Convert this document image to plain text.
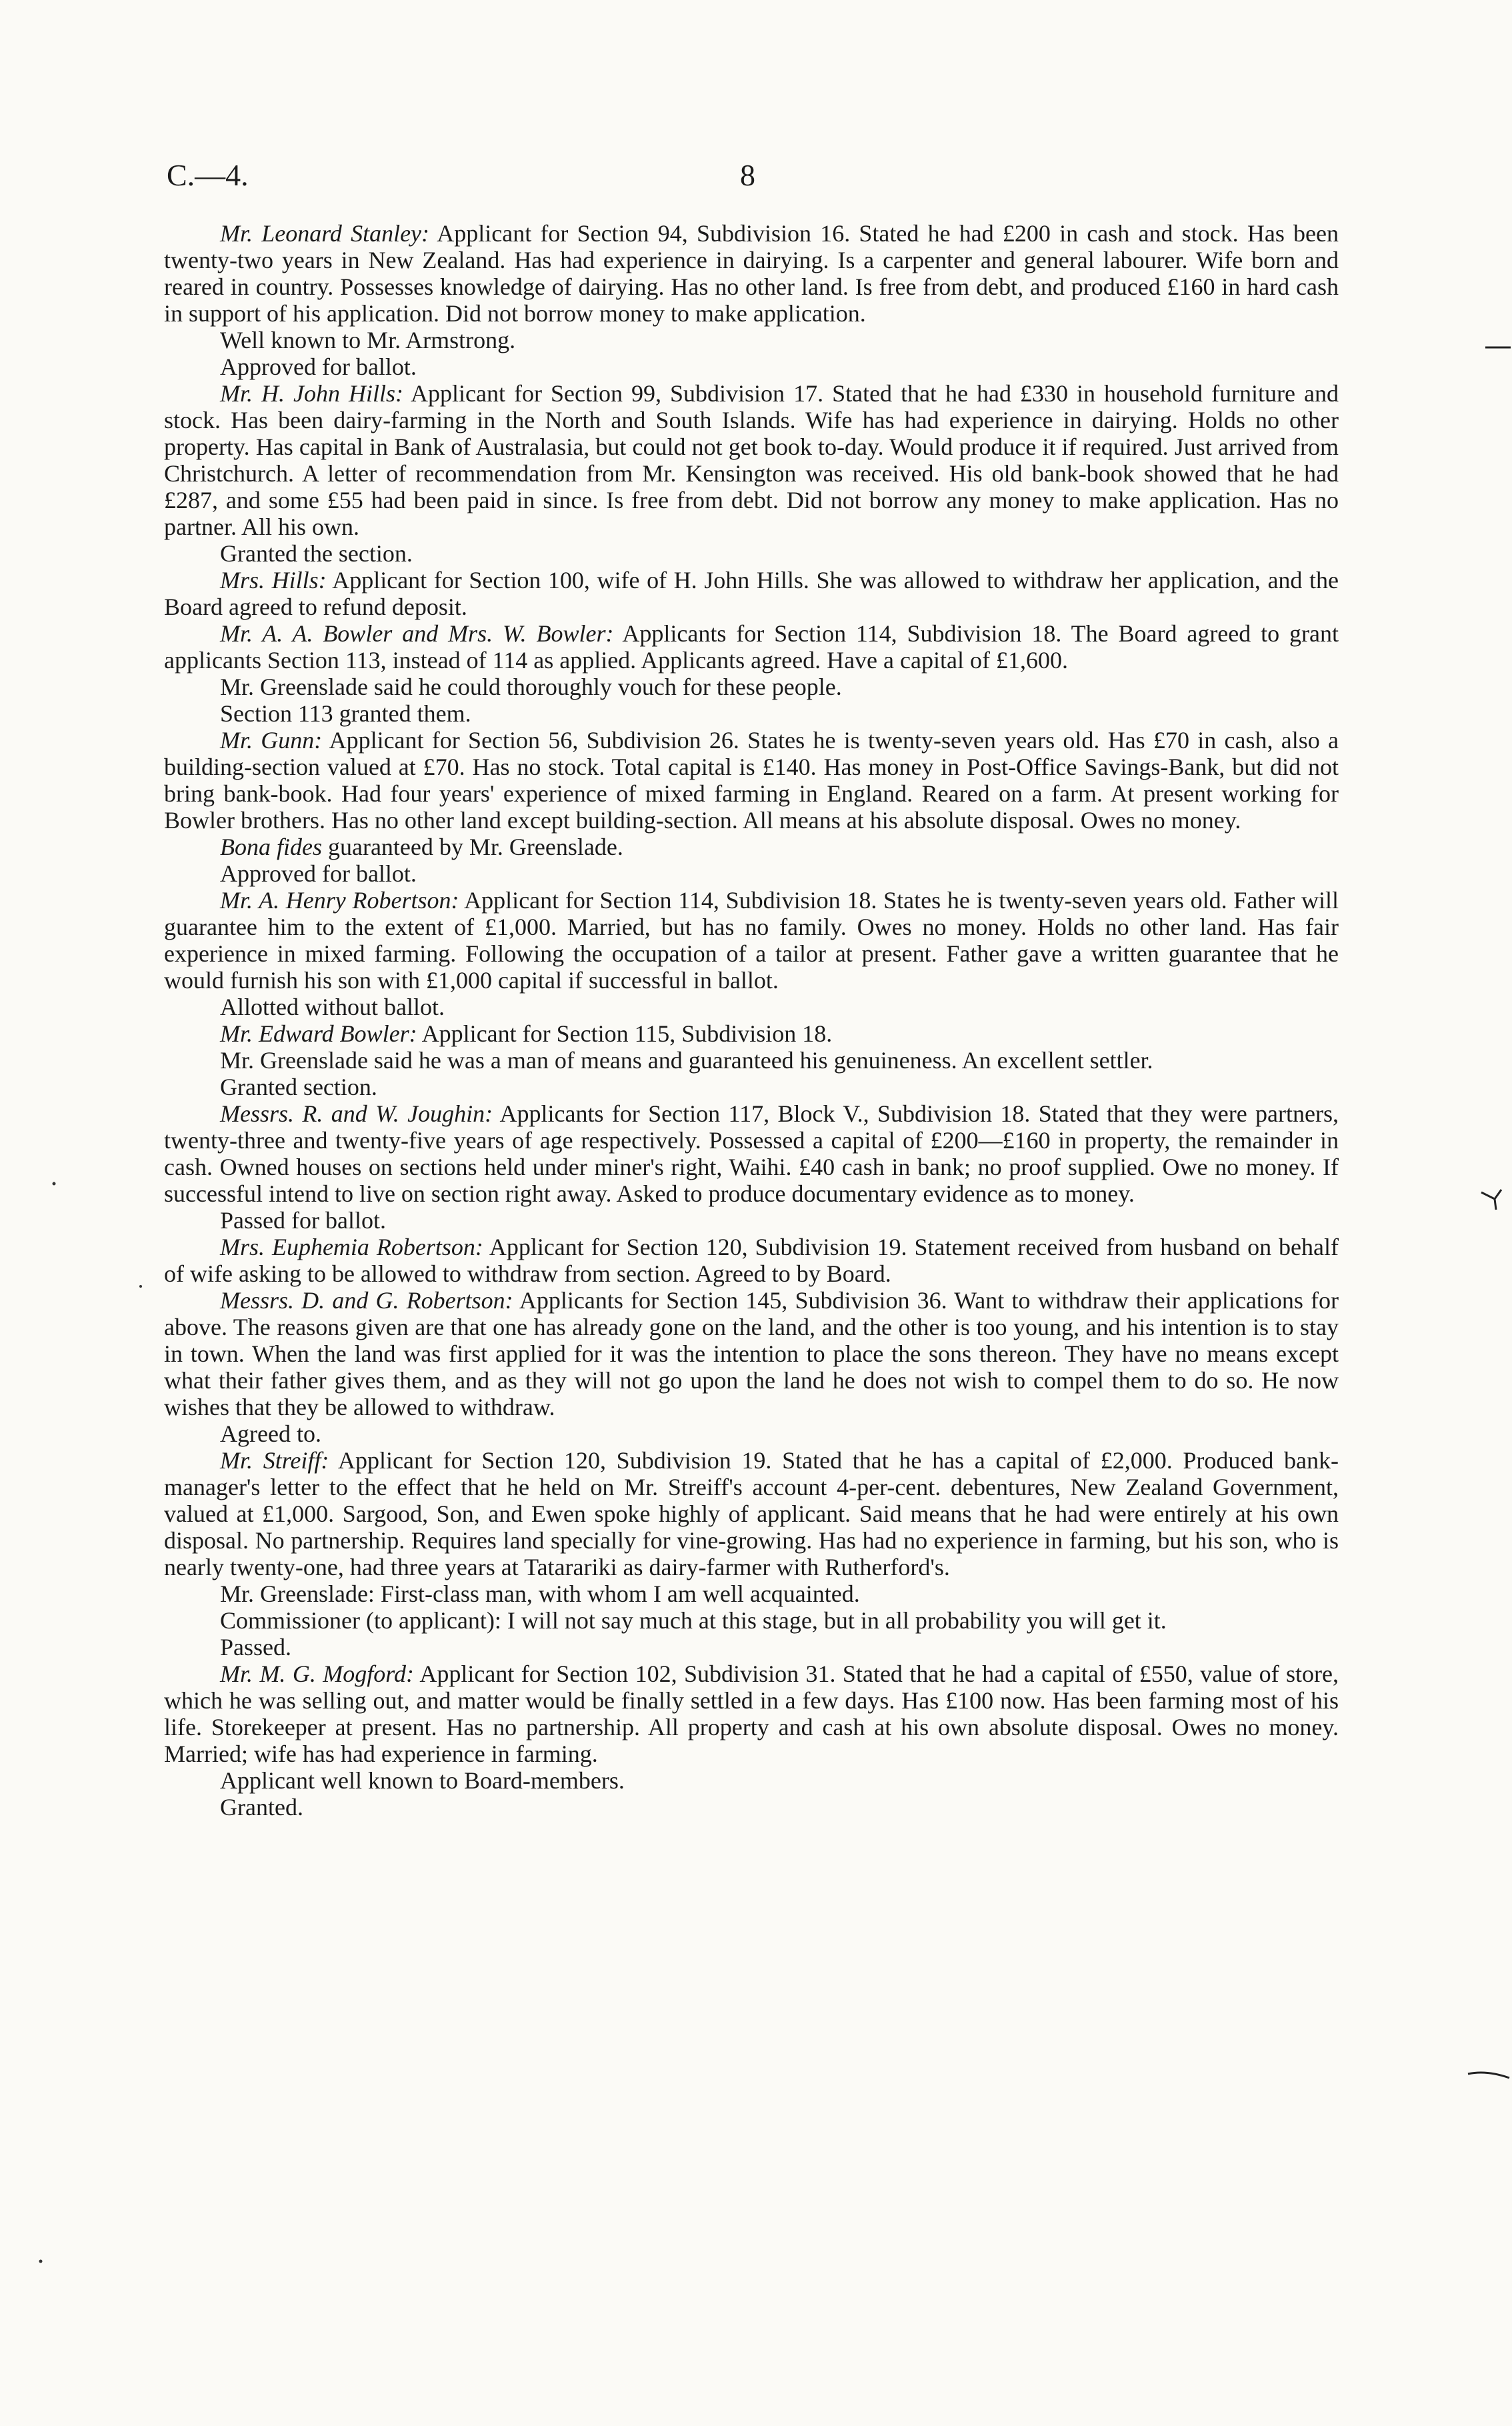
C.—4.	8

Mr. Leonard Stanley: Applicant for Section 94, Subdivision 16. Stated he had £200 in cash and stock. Has been twenty-two years in New Zealand. Has had experience in dairying. Is a carpenter and general labourer. Wife born and reared in country. Possesses knowledge of dairying. Has no other land. Is free from debt, and produced £160 in hard cash in support of his application. Did not borrow money to make application.

Well known to Mr. Armstrong.

Approved for ballot.

Mr. H. John Hills: Applicant for Section 99, Subdivision 17. Stated that he had £330 in household furniture and stock. Has been dairy-farming in the North and South Islands. Wife has had experience in dairying. Holds no other property. Has capital in Bank of Australasia, but could not get book to-day. Would produce it if required. Just arrived from Christchurch. A letter of recommendation from Mr. Kensington was received. His old bank-book showed that he had £287, and some £55 had been paid in since. Is free from debt. Did not borrow any money to make application. Has no partner. All his own.

Granted the section.

Mrs. Hills: Applicant for Section 100, wife of H. John Hills. She was allowed to withdraw her application, and the Board agreed to refund deposit.

Mr. A. A. Bowler and Mrs. W. Bowler: Applicants for Section 114, Subdivision 18. The Board agreed to grant applicants Section 113, instead of 114 as applied. Applicants agreed. Have a capital of £1,600.

Mr. Greenslade said he could thoroughly vouch for these people.

Section 113 granted them.

Mr. Gunn: Applicant for Section 56, Subdivision 26. States he is twenty-seven years old. Has £70 in cash, also a building-section valued at £70. Has no stock. Total capital is £140. Has money in Post-Office Savings-Bank, but did not bring bank-book. Had four years' experience of mixed farming in England. Reared on a farm. At present working for Bowler brothers. Has no other land except building-section. All means at his absolute disposal. Owes no money.

Bona fides guaranteed by Mr. Greenslade.

Approved for ballot.

Mr. A. Henry Robertson: Applicant for Section 114, Subdivision 18. States he is twenty-seven years old. Father will guarantee him to the extent of £1,000. Married, but has no family. Owes no money. Holds no other land. Has fair experience in mixed farming. Following the occupation of a tailor at present. Father gave a written guarantee that he would furnish his son with £1,000 capital if successful in ballot.

Allotted without ballot.

Mr. Edward Bowler: Applicant for Section 115, Subdivision 18.

Mr. Greenslade said he was a man of means and guaranteed his genuineness. An excellent settler.

Granted section.

Messrs. R. and W. Joughin: Applicants for Section 117, Block V., Subdivision 18. Stated that they were partners, twenty-three and twenty-five years of age respectively. Possessed a capital of £200—£160 in property, the remainder in cash. Owned houses on sections held under miner's right, Waihi. £40 cash in bank; no proof supplied. Owe no money. If successful intend to live on section right away. Asked to produce documentary evidence as to money.

Passed for ballot.

Mrs. Euphemia Robertson: Applicant for Section 120, Subdivision 19. Statement received from husband on behalf of wife asking to be allowed to withdraw from section. Agreed to by Board.

Messrs. D. and G. Robertson: Applicants for Section 145, Subdivision 36. Want to withdraw their applications for above. The reasons given are that one has already gone on the land, and the other is too young, and his intention is to stay in town. When the land was first applied for it was the intention to place the sons thereon. They have no means except what their father gives them, and as they will not go upon the land he does not wish to compel them to do so. He now wishes that they be allowed to withdraw.

Agreed to.

Mr. Streiff: Applicant for Section 120, Subdivision 19. Stated that he has a capital of £2,000. Produced bank-manager's letter to the effect that he held on Mr. Streiff's account 4-per-cent. debentures, New Zealand Government, valued at £1,000. Sargood, Son, and Ewen spoke highly of applicant. Said means that he had were entirely at his own disposal. No partnership. Requires land specially for vine-growing. Has had no experience in farming, but his son, who is nearly twenty-one, had three years at Tatarariki as dairy-farmer with Rutherford's.

Mr. Greenslade: First-class man, with whom I am well acquainted.

Commissioner (to applicant): I will not say much at this stage, but in all probability you will get it.

Passed.

Mr. M. G. Mogford: Applicant for Section 102, Subdivision 31. Stated that he had a capital of £550, value of store, which he was selling out, and matter would be finally settled in a few days. Has £100 now. Has been farming most of his life. Storekeeper at present. Has no partnership. All property and cash at his own absolute disposal. Owes no money. Married; wife has had experience in farming.

Applicant well known to Board-members.

Granted.
